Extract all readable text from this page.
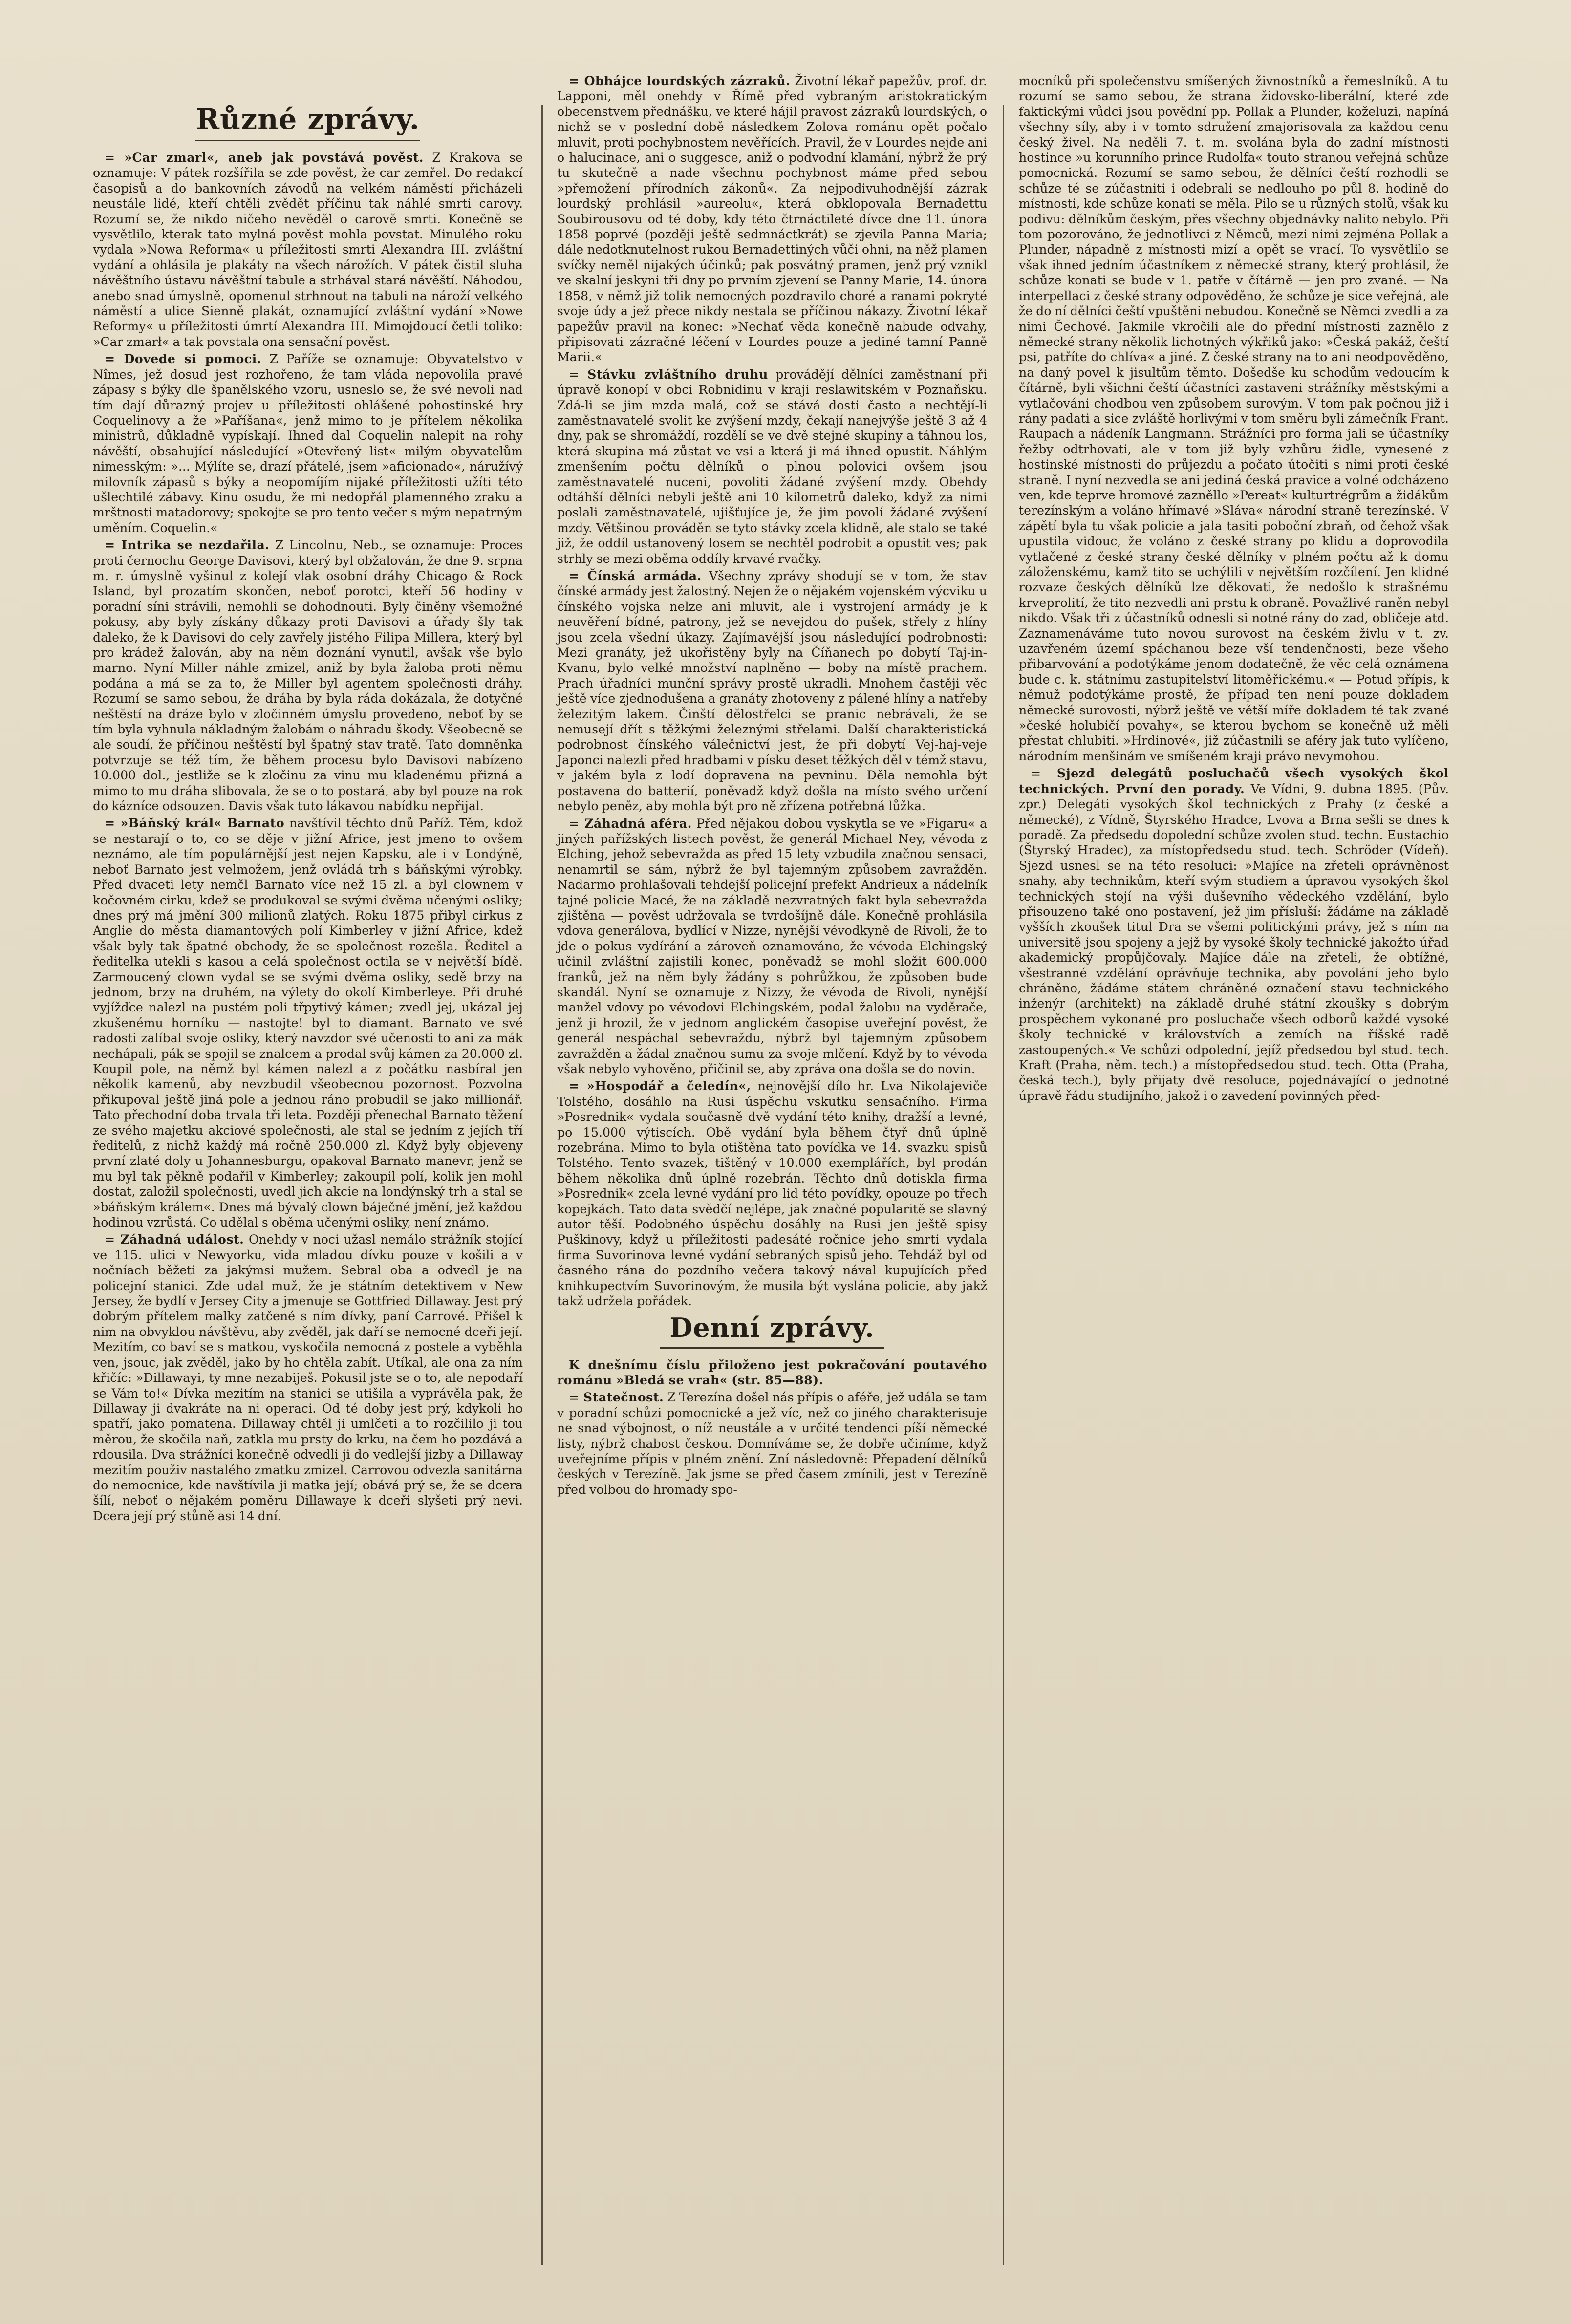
Různé zprávy.

= »Car zmarl«, aneb jak povstává pověst. Z Krakova se oznamuje: V pátek rozšířila se zde pověst, že car zemřel. Do redakcí časopisů a do bankovních závodů na velkém náměstí přicházeli neustále lidé, kteří chtěli zvědět příčinu tak náhlé smrti carovy. Rozumí se, že nikdo ničeho nevěděl o carově smrti. Konečně se vysvětlilo, kterak tato mylná pověst mohla povstat. Minulého roku vydala »Nowa Reforma« u příležitosti smrti Alexandra III. zvláštní vydání a ohlásila je plakáty na všech nárožích. V pátek čistil sluha návěštního ústavu návěštní tabule a strhával stará návěští. Náhodou, anebo snad úmyslně, opomenul strhnout na tabuli na nároží velkého náměstí a ulice Sienně plakát, oznamující zvláštní vydání »Nowe Reformy« u příležitosti úmrtí Alexandra III. Mimojdoucí četli toliko: »Car zmarł« a tak povstala ona sensační pověst.

= Dovede si pomoci. Z Paříže se oznamuje: Obyvatelstvo v Nîmes, jež dosud jest rozhořeno, že tam vláda nepovolila pravé zápasy s býky dle španělského vzoru, usneslo se, že své nevoli nad tím dají důrazný projev u příležitosti ohlášené pohostinské hry Coquelinovy a že »Paříšana«, jenž mimo to je přítelem několika ministrů, důkladně vypískají. Ihned dal Coquelin nalepit na rohy návěští, obsahující následující »Otevřený list« milým obyvatelům nimesským: »... Mýlíte se, drazí přátelé, jsem »aficionado«, náružívý milovník zápasů s býky a neopomíjím nijaké příležitosti užíti této ušlechtilé zábavy. Kinu osudu, že mi nedopřál plamenného zraku a mrštnosti matadorovy; spokojte se pro tento večer s mým nepatrným uměním. Coquelin.«

= Intrika se nezdařila. Z Lincolnu, Neb., se oznamuje: Proces proti černochu George Davisovi, který byl obžalován, že dne 9. srpna m. r. úmyslně vyšinul z kolejí vlak osobní dráhy Chicago & Rock Island, byl prozatím skončen, neboť porotci, kteří 56 hodiny v poradní síni strávili, nemohli se dohodnouti. Byly činěny všemožné pokusy, aby byly získány důkazy proti Davisovi a úřady šly tak daleko, že k Davisovi do cely zavřely jistého Filipa Millera, který byl pro krádež žalován, aby na něm doznání vynutil, avšak vše bylo marno. Nyní Miller náhle zmizel, aniž by byla žaloba proti němu podána a má se za to, že Miller byl agentem společnosti dráhy. Rozumí se samo sebou, že dráha by byla ráda dokázala, že dotyčné neštěstí na dráze bylo v zločinném úmyslu provedeno, neboť by se tím byla vyhnula nákladným žalobám o náhradu škody. Všeobecně se ale soudí, že příčinou neštěstí byl špatný stav tratě. Tato domněnka potvrzuje se též tím, že během procesu bylo Davisovi nabízeno 10.000 dol., jestliže se k zločinu za vinu mu kladenému přizná a mimo to mu dráha slibovala, že se o to postará, aby byl pouze na rok do kázníce odsouzen. Davis však tuto lákavou nabídku nepřijal.

= »Báňský král« Barnato navštívil těchto dnů Paříž. Těm, kdož se nestarají o to, co se děje v jižní Africe, jest jmeno to ovšem neznámo, ale tím populárnější jest nejen Kapsku, ale i v Londýně, neboť Barnato jest velmožem, jenž ovládá trh s báňskými výrobky. Před dvaceti lety nemčl Barnato více než 15 zl. a byl clownem v kočovném cirku, kdež se produkoval se svými dvěma učenými osliky; dnes prý má jmění 300 milionů zlatých. Roku 1875 přibyl cirkus z Anglie do města diamantových polí Kimberley v jižní Africe, kdež však byly tak špatné obchody, že se společnost rozešla. Ředitel a ředitelka utekli s kasou a celá společnost octila se v největší bídě. Zarmoucený clown vydal se se svými dvěma osliky, sedě brzy na jednom, brzy na druhém, na výlety do okolí Kimberleye. Při druhé vyjížďce nalezl na pustém poli třpytivý kámen; zvedl jej, ukázal jej zkušenému horníku — nastojte! byl to diamant. Barnato ve své radosti zalíbal svoje osliky, který navzdor své učenosti to ani za mák nechápali, pák se spojil se znalcem a prodal svůj kámen za 20.000 zl. Koupil pole, na němž byl kámen nalezl a z počátku nasbíral jen několik kamenů, aby nevzbudil všeobecnou pozornost. Pozvolna přikupoval ještě jiná pole a jednou ráno probudil se jako millionář. Tato přechodní doba trvala tři leta. Později přenechal Barnato těžení ze svého majetku akciové společnosti, ale stal se jedním z jejích tří ředitelů, z nichž každý má ročně 250.000 zl. Když byly objeveny první zlaté doly u Johannesburgu, opakoval Barnato manevr, jenž se mu byl tak pěkně podařil v Kimberley; zakoupil polí, kolik jen mohl dostat, založil společnosti, uvedl jich akcie na londýnský trh a stal se »báňským králem«. Dnes má bývalý clown báječné jmění, jež každou hodinou vzrůstá. Co udělal s oběma učenými osliky, není známo.

= Záhadná událost. Onehdy v noci užasl nemálo strážník stojící ve 115. ulici v Newyorku, vida mladou dívku pouze v košili a v nočníach běžeti za jakýmsi mužem. Sebral oba a odvedl je na policejní stanici. Zde udal muž, že je státním detektivem v New Jersey, že bydlí v Jersey City a jmenuje se Gottfried Dillaway. Jest prý dobrým přítelem malky zatčené s ním dívky, paní Carrové. Přišel k nim na obvyklou návštěvu, aby zvěděl, jak daří se nemocné dceři její. Mezitím, co baví se s matkou, vyskočila nemocná z postele a vyběhla ven, jsouc, jak zvěděl, jako by ho chtěla zabít. Utíkal, ale ona za ním křičíc: »Dillawayi, ty mne nezabiješ. Pokusil jste se o to, ale nepodaří se Vám to!« Dívka mezitím na stanici se utišila a vyprávěla pak, že Dillaway ji dvakráte na ni operaci. Od té doby jest prý, kdykoli ho spatří, jako pomatena. Dillaway chtěl ji umlčeti a to rozčililo ji tou měrou, že skočila naň, zatkla mu prsty do krku, na čem ho pozdává a rdousila. Dva strážníci konečně odvedli ji do vedlejší jizby a Dillaway mezitím použiv nastalého zmatku zmizel. Carrovou odvezla sanitárna do nemocnice, kde navštívila ji matka její; obává prý se, že se dcera šílí, neboť o nějakém poměru Dillawaye k dceři slyšeti prý nevi. Dcera její prý stůně asi 14 dní.

= Obhájce lourdských zázraků. Životní lékař papežův, prof. dr. Lapponi, měl onehdy v Římě před vybraným aristokratickým obecenstvem přednášku, ve které hájil pravost zázraků lourdských, o nichž se v poslední době následkem Zolova románu opět počalo mluvit, proti pochybnostem nevěřících. Pravil, že v Lourdes nejde ani o halucinace, ani o suggesce, aniž o podvodní klamání, nýbrž že prý tu skutečně a nade všechnu pochybnost máme před sebou »přemožení přírodních zákonů«. Za nejpodivuhodnější zázrak lourdský prohlásil »aureolu«, která obklopovala Bernadettu Soubirousovu od té doby, kdy této čtrnáctileté dívce dne 11. února 1858 poprvé (později ještě sedmnáctkrát) se zjevila Panna Maria; dále nedotknutelnost rukou Bernadettiných vůči ohni, na něž plamen svíčky neměl nijakých účinků; pak posvátný pramen, jenž prý vznikl ve skalní jeskyni tři dny po prvním zjevení se Panny Marie, 14. února 1858, v němž již tolik nemocných pozdravilo choré a ranami pokryté svoje údy a jež přece nikdy nestala se příčinou nákazy. Životní lékař papežův pravil na konec: »Nechať věda konečně nabude odvahy, připisovati zázračné léčení v Lourdes pouze a jediné tamní Panně Marii.«

= Stávku zvláštního druhu provádějí dělníci zaměstnaní při úpravě konopí v obci Robnidinu v kraji reslawitském v Poznaňsku. Zdá-li se jim mzda malá, což se stává dosti často a nechtějí-li zaměstnavatelé svolit ke zvýšení mzdy, čekají nanejvýše ještě 3 až 4 dny, pak se shromáždí, rozdělí se ve dvě stejné skupiny a táhnou los, která skupina má zůstat ve vsi a která ji má ihned opustit. Náhlým zmenšením počtu dělníků o plnou polovici ovšem jsou zaměstnavatelé nuceni, povoliti žádané zvýšení mzdy. Obehdy odtáhší dělníci nebyli ještě ani 10 kilometrů daleko, když za nimi poslali zaměstnavatelé, ujišťujíce je, že jim povolí žádané zvýšení mzdy. Většinou prováděn se tyto stávky zcela klidně, ale stalo se také již, že oddíl ustanovený losem se nechtěl podrobit a opustit ves; pak strhly se mezi oběma oddíly krvavé rvačky.

= Čínská armáda. Všechny zprávy shodují se v tom, že stav čínské armády jest žalostný. Nejen že o nějakém vojenském výcviku u čínského vojska nelze ani mluvit, ale i vystrojení armády je k neuvěření bídné, patrony, jež se nevejdou do pušek, střely z hlíny jsou zcela všední úkazy. Zajímavější jsou následující podrobnosti: Mezi granáty, jež ukořistěny byly na Číňanech po dobytí Taj-in-Kvanu, bylo velké množství naplněno — boby na místě prachem. Prach úřadníci munční správy prostě ukradli. Mnohem častěji věc ještě více zjednodušena a granáty zhotoveny z pálené hlíny a natřeby železitým lakem. Činští dělostřelci se pranic nebrávali, že se nemusejí dřít s těžkými železnými střelami. Další charakteristická podrobnost čínského válečnictví jest, že při dobytí Vej-haj-veje Japonci nalezli před hradbami v písku deset těžkých děl v témž stavu, v jakém byla z lodí dopravena na pevninu. Děla nemohla být postavena do batterií, poněvadž když došla na místo svého určení nebylo peněz, aby mohla být pro ně zřízena potřebná lůžka.

= Záhadná aféra. Před nějakou dobou vyskytla se ve »Figaru« a jiných pařížských listech pověst, že generál Michael Ney, vévoda z Elching, jehož sebevražda as před 15 lety vzbudila značnou sensaci, nenamrtil se sám, nýbrž že byl tajemným způsobem zavražděn. Nadarmo prohlašovali tehdejší policejní prefekt Andrieux a nádelník tajné policie Macé, že na základě nezvratných fakt byla sebevražda zjištěna — pověst udržovala se tvrdošíjně dále. Konečně prohlásila vdova generálova, bydlící v Nizze, nynější vévodkyně de Rivoli, že to jde o pokus vydírání a zároveň oznamováno, že vévoda Elchingský učinil zvláštní zajistili konec, poněvadž se mohl složit 600.000 franků, jež na něm byly žádány s pohrůžkou, že způsoben bude skandál. Nyní se oznamuje z Nizzy, že vévoda de Rivoli, nynější manžel vdovy po vévodovi Elchingském, podal žalobu na vyděrače, jenž ji hrozil, že v jednom anglickém časopise uveřejní pověst, že generál nespáchal sebevraždu, nýbrž byl tajemným způsobem zavražděn a žádal značnou sumu za svoje mlčení. Když by to vévoda však nebylo vyhověno, přičinil se, aby zpráva ona došla se do novin.

= »Hospodář a čeledín«, nejnovější dílo hr. Lva Nikolajeviče Tolstého, dosáhlo na Rusi úspěchu vskutku sensačního. Firma »Posrednik« vydala současně dvě vydání této knihy, dražší a levné, po 15.000 výtiscích. Obě vydání byla během čtyř dnů úplně rozebrána. Mimo to byla otištěna tato povídka ve 14. svazku spisů Tolstého. Tento svazek, tištěný v 10.000 exemplářích, byl prodán během několika dnů úplně rozebrán. Těchto dnů dotiskla firma »Posrednik« zcela levné vydání pro lid této povídky, opouze po třech kopejkách. Tato data svědčí nejlépe, jak značné popularitě se slavný autor těší. Podobného úspěchu dosáhly na Rusi jen ještě spisy Puškinovy, když u příležitosti padesáté ročnice jeho smrti vydala firma Suvorinova levné vydání sebraných spisů jeho. Tehdáž byl od časného rána do pozdního večera takový nával kupujících před knihkupectvím Suvorinovým, že musila být vyslána policie, aby jakž takž udržela pořádek.

Denní zprávy.

K dnešnímu číslu přiloženo jest pokračování poutavého románu »Bledá se vrah« (str. 85—88).

= Statečnost. Z Terezína došel nás přípis o aféře, jež udála se tam v poradní schůzi pomocnické a jež víc, než co jiného charakterisuje ne snad výbojnost, o níž neustále a v určité tendenci píší německé listy, nýbrž chabost českou. Domníváme se, že dobře učiníme, když uveřejníme přípis v plném znění. Zní následovně: Přepadení dělníků českých v Terezíně. Jak jsme se před časem zmínili, jest v Terezíně před volbou do hromady spo-

mocníků při společenstvu smíšených živnostníků a řemeslníků. A tu rozumí se samo sebou, že strana židovsko-liberální, které zde faktickými vůdci jsou povědní pp. Pollak a Plunder, koželuzi, napíná všechny síly, aby i v tomto sdružení zmajorisovala za každou cenu český živel. Na neděli 7. t. m. svolána byla do zadní místnosti hostince »u korunního prince Rudolfa« touto stranou veřejná schůze pomocnická. Rozumí se samo sebou, že dělníci čeští rozhodli se schůze té se zúčastniti i odebrali se nedlouho po půl 8. hodině do místnosti, kde schůze konati se měla. Pilo se u různých stolů, však ku podivu: dělníkům českým, přes všechny objednávky nalito nebylo. Při tom pozorováno, že jednotlivci z Němců, mezi nimi zejména Pollak a Plunder, nápadně z místnosti mizí a opět se vrací. To vysvětlilo se však ihned jedním účastníkem z německé strany, který prohlásil, že schůze konati se bude v 1. patře v čítárně — jen pro zvané. — Na interpellaci z české strany odpověděno, že schůze je sice veřejná, ale že do ní dělníci čeští vpuštěni nebudou. Konečně se Němci zvedli a za nimi Čechové. Jakmile vkročili ale do přední místnosti zaznělo z německé strany několik lichotných výkřiků jako: »Česká pakáž, čeští psi, patříte do chlíva« a jiné. Z české strany na to ani neodpověděno, na daný povel k jisultům těmto. Došedše ku schodům vedoucím k čítárně, byli všichni čeští účastníci zastaveni strážníky městskými a vytlačováni chodbou ven způsobem surovým. V tom pak počnou již i rány padati a sice zvláště horlivými v tom směru byli zámečník Frant. Raupach a nádeník Langmann. Strážníci pro forma jali se účastníky řežby odtrhovati, ale v tom již byly vzhůru židle, vynesené z hostinské místnosti do průjezdu a počato útočiti s nimi proti české straně. I nyní nezvedla se ani jediná česká pravice a volné odcházeno ven, kde teprve hromové zazněllo »Pereat« kulturtrégrům a židákům terezínským a voláno hřímavé »Sláva« národní straně terezínské. V zápětí byla tu však policie a jala tasiti poboční zbraň, od čehož však upustila vidouc, že voláno z české strany po klidu a doprovodila vytlačené z české strany české dělníky v plném počtu až k domu záloženskému, kamž tito se uchýlili v největším rozčílení. Jen klidné rozvaze českých dělníků lze děkovati, že nedošlo k strašnému krveprolití, že tito nezvedli ani prstu k obraně. Považlivé raněn nebyl nikdo. Však tři z účastníků odnesli si notné rány do zad, obličeje atd. Zaznamenáváme tuto novou surovost na českém živlu v t. zv. uzavřeném území spáchanou beze vší tendenčnosti, beze všeho přibarvování a podotýkáme jenom dodatečně, že věc celá oznámena bude c. k. státnímu zastupitelství litoměřickému.« — Potud přípis, k němuž podotýkáme prostě, že případ ten není pouze dokladem německé surovosti, nýbrž ještě ve větší míře dokladem té tak zvané »české holubičí povahy«, se kterou bychom se konečně už měli přestat chlubiti. »Hrdinové«, již zúčastnili se aféry jak tuto vylíčeno, národním menšinám ve smíšeném kraji právo nevymohou.

= Sjezd delegátů posluchačů všech vysokých škol technických. První den porady. Ve Vídni, 9. dubna 1895. (Pův. zpr.) Delegáti vysokých škol technických z Prahy (z české a německé), z Vídně, Štyrského Hradce, Lvova a Brna sešli se dnes k poradě. Za předsedu dopolední schůze zvolen stud. techn. Eustachio (Štyrský Hradec), za místopředsedu stud. tech. Schröder (Vídeň). Sjezd usnesl se na této resoluci: »Majíce na zřeteli oprávněnost snahy, aby technikům, kteří svým studiem a úpravou vysokých škol technických stojí na výši duševního vědeckého vzdělání, bylo přisouzeno také ono postavení, jež jim přísluší: žádáme na základě vyšších zkoušek titul Dra se všemi politickými právy, jež s ním na universitě jsou spojeny a jejž by vysoké školy technické jakožto úřad akademický propůjčovaly. Majíce dále na zřeteli, že obtížné, všestranné vzdělání oprávňuje technika, aby povolání jeho bylo chráněno, žádáme státem chráněné označení stavu technického inženýr (architekt) na základě druhé státní zkoušky s dobrým prospěchem vykonané pro posluchače všech odborů každé vysoké školy technické v královstvích a zemích na říšské radě zastoupených.« Ve schůzi odpolední, jejíž předsedou byl stud. tech. Kraft (Praha, něm. tech.) a místopředsedou stud. tech. Otta (Praha, česká tech.), byly přijaty dvě resoluce, pojednávající o jednotné úpravě řádu studijního, jakož i o zavedení povinných před-
